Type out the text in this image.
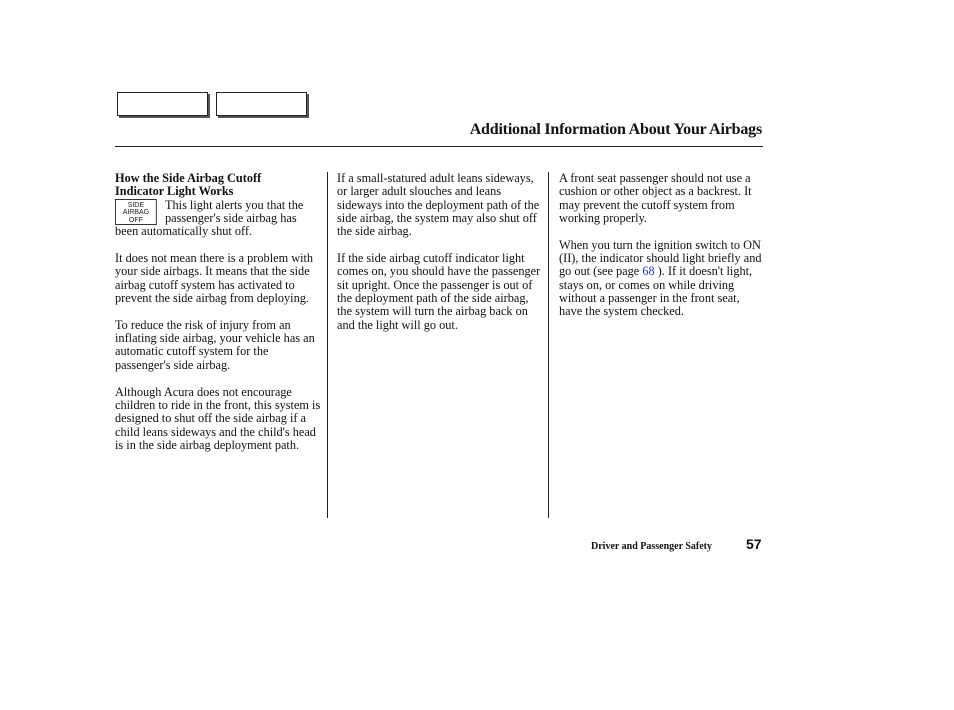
Additional Information About Your Airbags
How the Side Airbag Cutoff
Indicator Light Works

SIDE
AIRBAG
OFF
This light alerts you that the passenger's side airbag has been automatically shut off.

It does not mean there is a problem with your side airbags. It means that the side airbag cutoff system has activated to prevent the side airbag from deploying.

To reduce the risk of injury from an inflating side airbag, your vehicle has an automatic cutoff system for the passenger's side airbag.

Although Acura does not encourage children to ride in the front, this system is designed to shut off the side airbag if a child leans sideways and the child's head is in the side airbag deployment path.

If a small-statured adult leans sideways, or larger adult slouches and leans sideways into the deployment path of the side airbag, the system may also shut off the side airbag.

If the side airbag cutoff indicator light comes on, you should have the passenger sit upright. Once the passenger is out of the deployment path of the side airbag, the system will turn the airbag back on and the light will go out.

A front seat passenger should not use a cushion or other object as a backrest. It may prevent the cutoff system from working properly.

When you turn the ignition switch to ON (II), the indicator should light briefly and go out (see page 68 ). If it doesn't light, stays on, or comes on while driving without a passenger in the front seat, have the system checked.

Driver and Passenger Safety 57
